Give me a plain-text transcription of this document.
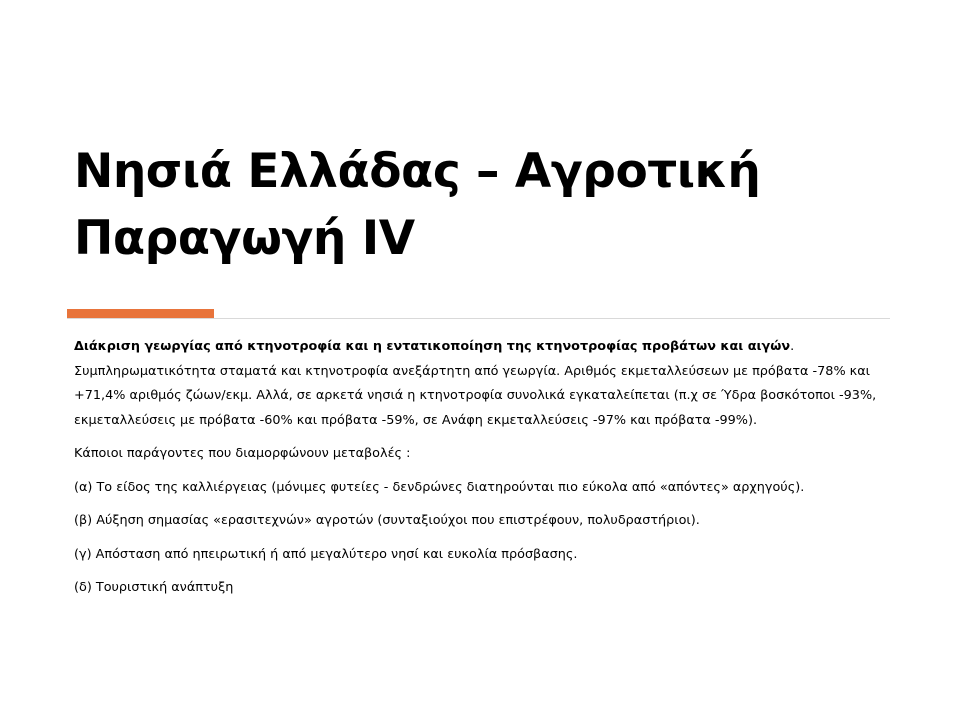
Νησιά Ελλάδας – Αγροτική Παραγωγή IV

Διάκριση γεωργίας από κτηνοτροφία και η εντατικοποίηση της κτηνοτροφίας προβάτων και αιγών. Συμπληρωματικότητα σταματά και κτηνοτροφία ανεξάρτητη από γεωργία. Αριθμός εκμεταλλεύσεων με πρόβατα -78% και +71,4% αριθμός ζώων/εκμ. Αλλά, σε αρκετά νησιά η κτηνοτροφία συνολικά εγκαταλείπεται (π.χ σε Ύδρα βοσκότοποι -93%, εκμεταλλεύσεις με πρόβατα -60% και πρόβατα -59%, σε Ανάφη εκμεταλλεύσεις -97% και πρόβατα -99%).

Κάποιοι παράγοντες που διαμορφώνουν μεταβολές :

(α) Το είδος της καλλιέργειας (μόνιμες φυτείες - δενδρώνες διατηρούνται πιο εύκολα από «απόντες» αρχηγούς).

(β) Αύξηση σημασίας «ερασιτεχνών» αγροτών (συνταξιούχοι που επιστρέφουν, πολυδραστήριοι).

(γ) Απόσταση από ηπειρωτική ή από μεγαλύτερο νησί και ευκολία πρόσβασης.

(δ) Τουριστική ανάπτυξη
